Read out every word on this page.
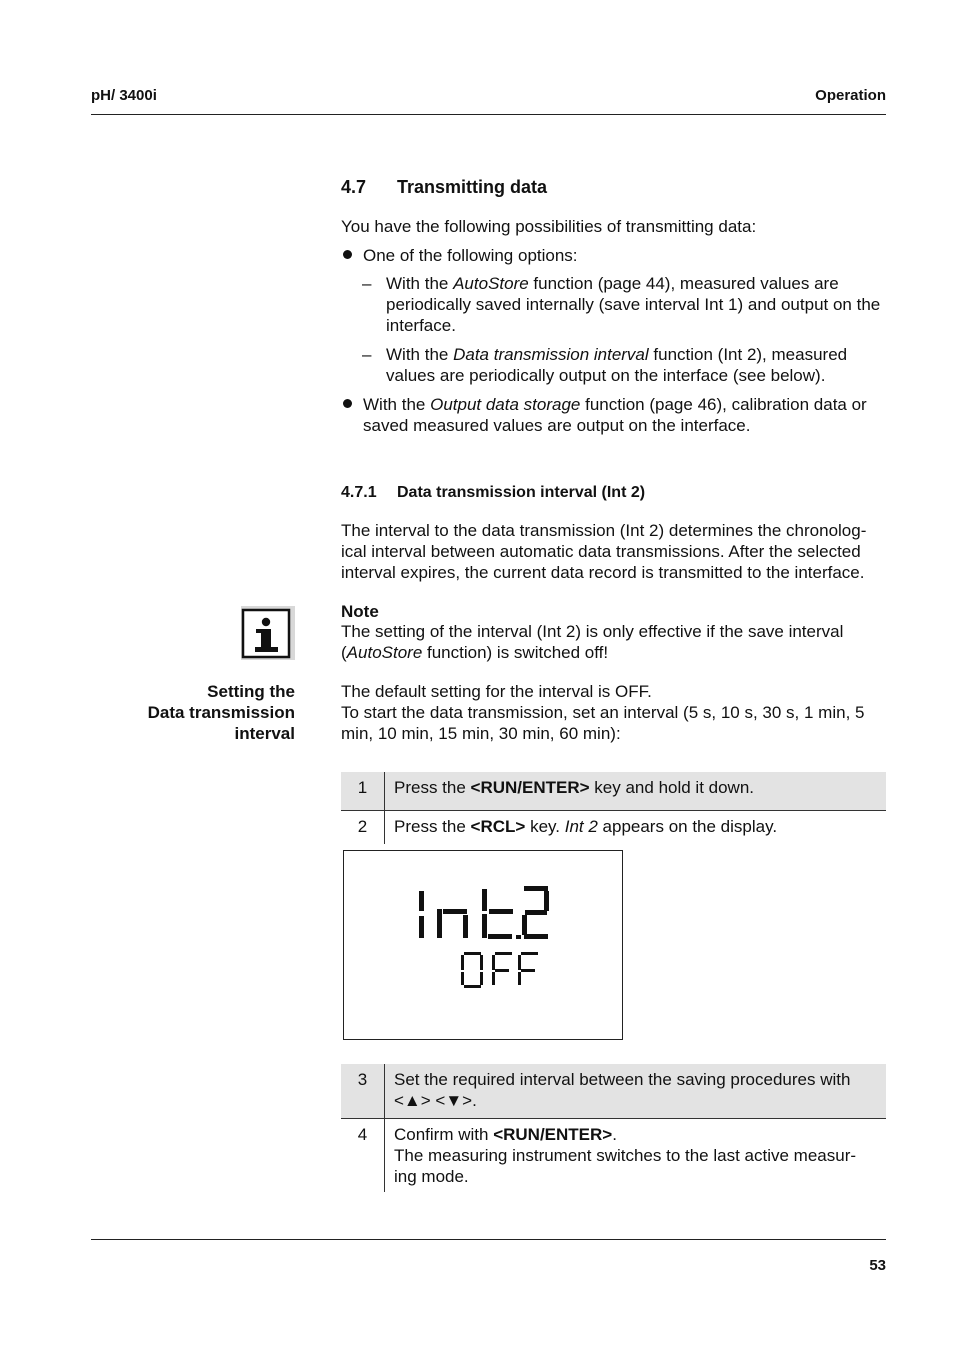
pH/ 3400i	Operation
4.7 Transmitting data
You have the following possibilities of transmitting data:
One of the following options:
– With the AutoStore function (page 44), measured values are
periodically saved internally (save interval Int 1) and output on the
interface.
– With the Data transmission interval function (Int 2), measured
values are periodically output on the interface (see below).
With the Output data storage function (page 46), calibration data or
saved measured values are output on the interface.
4.7.1 Data transmission interval (Int 2)
The interval to the data transmission (Int 2) determines the chronolog-
ical interval between automatic data transmissions. After the selected
interval expires, the current data record is transmitted to the interface.
Note
The setting of the interval (Int 2) is only effective if the save interval
(AutoStore function) is switched off!
Setting the
Data transmission
interval
The default setting for the interval is OFF.
To start the data transmission, set an interval (5 s, 10 s, 30 s, 1 min, 5
min, 10 min, 15 min, 30 min, 60 min):
1	Press the <RUN/ENTER> key and hold it down.
2	Press the <RCL> key. Int 2 appears on the display.
3	Set the required interval between the saving procedures with
<▲> <▼>.
4	Confirm with <RUN/ENTER>.
The measuring instrument switches to the last active measur-
ing mode.
53
